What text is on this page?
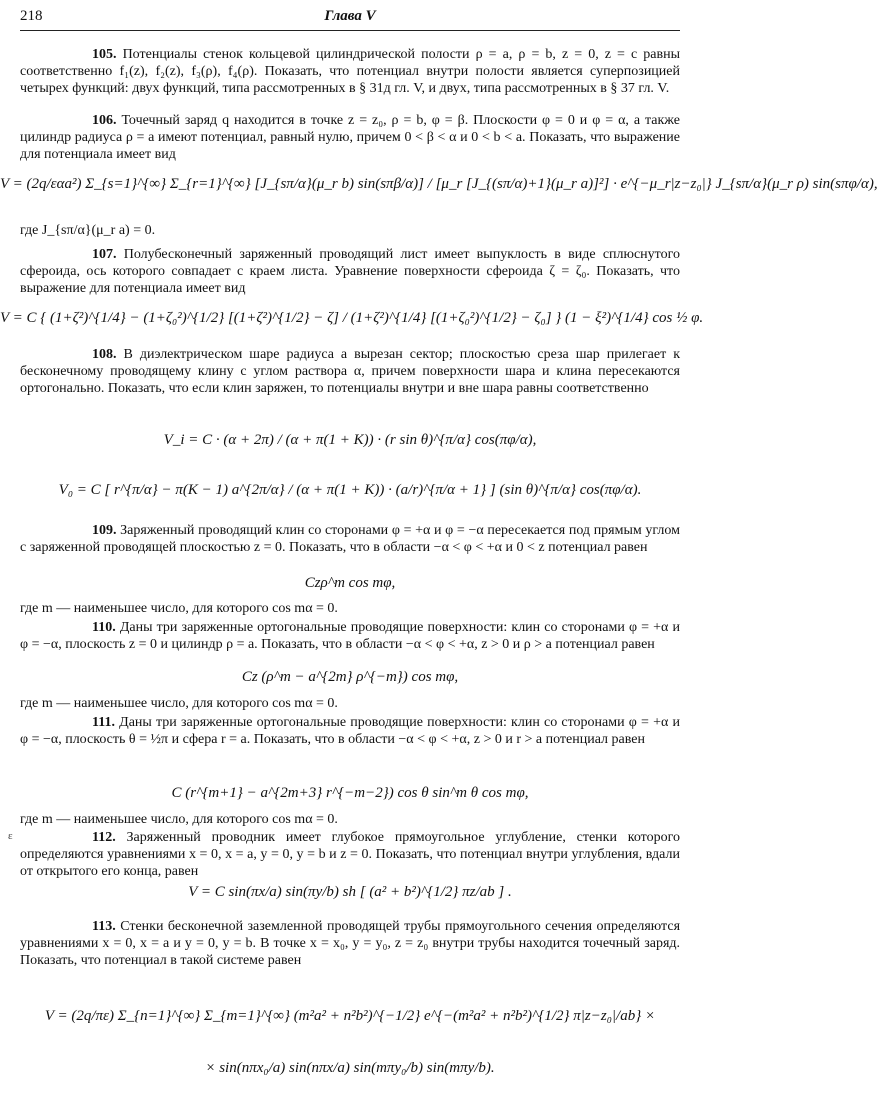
218	Глава V

105. Потенциалы стенок кольцевой цилиндрической полости ρ = a, ρ = b, z = 0, z = c равны соответственно f₁(z), f₂(z), f₃(ρ), f₄(ρ). Показать, что потенциал внутри полости является суперпозицией четырех функций: двух функций, типа рассмотренных в § 31д гл. V, и двух, типа рассмотренных в § 37 гл. V.

106. Точечный заряд q находится в точке z = z₀, ρ = b, φ = β. Плоскости φ = 0 и φ = α, а также цилиндр радиуса ρ = a имеют потенциал, равный нулю, причем 0 < β < α и 0 < b < a. Показать, что выражение для потенциала имеет вид

V = (2q/εαa²) Σ_{s=1}^{∞} Σ_{r=1}^{∞} [J_{sπ/α}(μ_r b) sin(sπβ/α)] / [μ_r [J_{(sπ/α)+1}(μ_r a)]²] · e^{−μ_r|z−z₀|} J_{sπ/α}(μ_r ρ) sin(sπφ/α),

где J_{sπ/α}(μ_r a) = 0.

107. Полубесконечный заряженный проводящий лист имеет выпуклость в виде сплюснутого сфероида, ось которого совпадает с краем листа. Уравнение поверхности сфероида ζ = ζ₀. Показать, что выражение для потенциала имеет вид

V = C { (1+ζ²)^{1/4} − (1+ζ₀²)^{1/2} [(1+ζ²)^{1/2} − ζ] / (1+ζ²)^{1/4} [(1+ζ₀²)^{1/2} − ζ₀] } (1 − ξ²)^{1/4} cos ½ φ.

108. В диэлектрическом шаре радиуса a вырезан сектор; плоскостью среза шар прилегает к бесконечному проводящему клину с углом раствора α, причем поверхности шара и клина пересекаются ортогонально. Показать, что если клин заряжен, то потенциалы внутри и вне шара равны соответственно

V_i = C · (α + 2π) / (α + π(1 + K)) · (r sin θ)^{π/α} cos(πφ/α),

V₀ = C [ r^{π/α} − π(K − 1) a^{2π/α} / (α + π(1 + K)) · (a/r)^{π/α + 1} ] (sin θ)^{π/α} cos(πφ/α).

109. Заряженный проводящий клин со сторонами φ = +α и φ = −α пересекается под прямым углом с заряженной проводящей плоскостью z = 0. Показать, что в области −α < φ < +α и 0 < z потенциал равен

Czρ^m cos mφ,

где m — наименьшее число, для которого cos mα = 0.

110. Даны три заряженные ортогональные проводящие поверхности: клин со сторонами φ = +α и φ = −α, плоскость z = 0 и цилиндр ρ = a. Показать, что в области −α < φ < +α, z > 0 и ρ > a потенциал равен

Cz (ρ^m − a^{2m} ρ^{−m}) cos mφ,

где m — наименьшее число, для которого cos mα = 0.

111. Даны три заряженные ортогональные проводящие поверхности: клин со сторонами φ = +α и φ = −α, плоскость θ = ½π и сфера r = a. Показать, что в области −α < φ < +α, z > 0 и r > a потенциал равен

C (r^{m+1} − a^{2m+3} r^{−m−2}) cos θ sin^m θ cos mφ,

где m — наименьшее число, для которого cos mα = 0.

ɛ	112. Заряженный проводник имеет глубокое прямоугольное углубление, стенки которого определяются уравнениями x = 0, x = a, y = 0, y = b и z = 0. Показать, что потенциал внутри углубления, вдали от открытого его конца, равен

V = C sin(πx/a) sin(πy/b) sh [ (a² + b²)^{1/2} πz/ab ] .

113. Стенки бесконечной заземленной проводящей трубы прямоугольного сечения определяются уравнениями x = 0, x = a и y = 0, y = b. В точке x = x₀, y = y₀, z = z₀ внутри трубы находится точечный заряд. Показать, что потенциал в такой системе равен

V = (2q/πε) Σ_{n=1}^{∞} Σ_{m=1}^{∞} (m²a² + n²b²)^{−1/2} e^{−(m²a² + n²b²)^{1/2} π|z−z₀|/ab} ×

× sin(nπx₀/a) sin(nπx/a) sin(mπy₀/b) sin(mπy/b).
